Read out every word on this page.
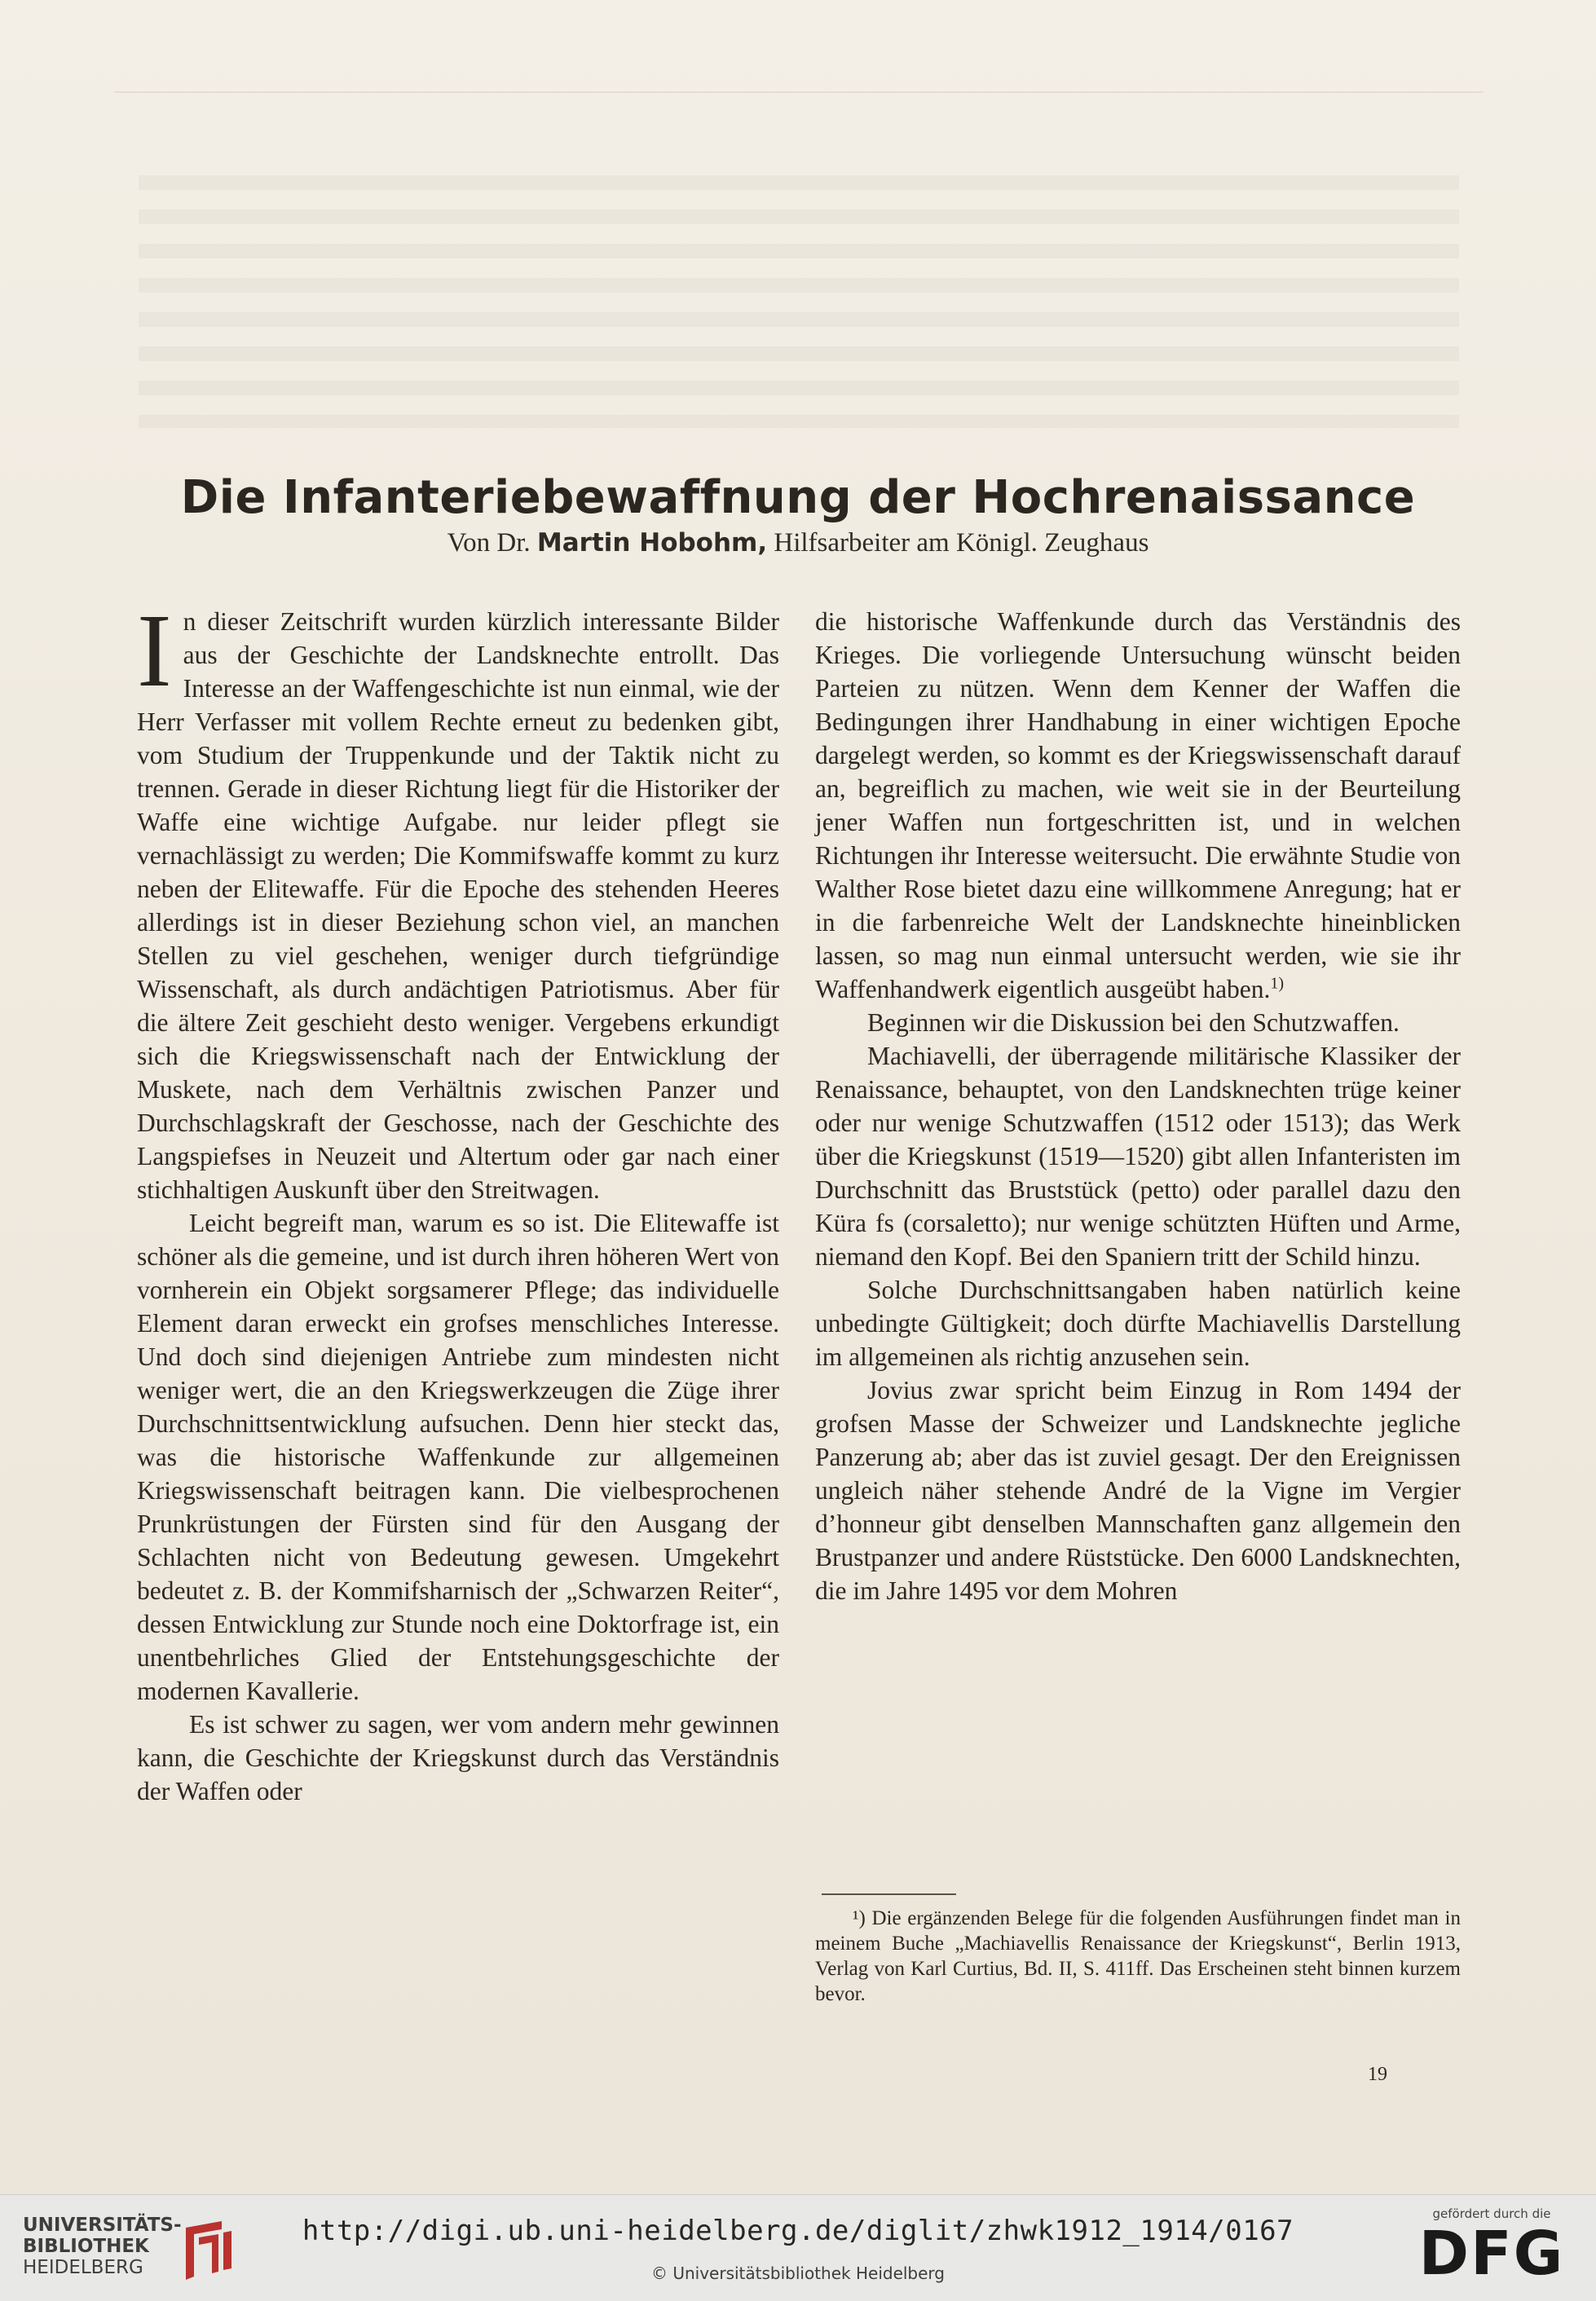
Die Infanteriebewaffnung der Hochrenaissance
Von Dr. Martin Hobohm, Hilfsarbeiter am Königl. Zeughaus

In dieser Zeitschrift wurden kürzlich interessante Bilder aus der Geschichte der Landsknechte entrollt. Das Interesse an der Waffengeschichte ist nun einmal, wie der Herr Verfasser mit vollem Rechte erneut zu bedenken gibt, vom Studium der Truppenkunde und der Taktik nicht zu trennen. Gerade in dieser Richtung liegt für die Historiker der Waffe eine wichtige Aufgabe. nur leider pflegt sie vernachlässigt zu werden; Die Kommifswaffe kommt zu kurz neben der Elitewaffe. Für die Epoche des stehenden Heeres allerdings ist in dieser Beziehung schon viel, an manchen Stellen zu viel geschehen, weniger durch tiefgründige Wissenschaft, als durch andächtigen Patriotismus. Aber für die ältere Zeit geschieht desto weniger. Vergebens erkundigt sich die Kriegswissenschaft nach der Entwicklung der Muskete, nach dem Verhältnis zwischen Panzer und Durchschlagskraft der Geschosse, nach der Geschichte des Langspiefses in Neuzeit und Altertum oder gar nach einer stichhaltigen Auskunft über den Streitwagen.

Leicht begreift man, warum es so ist. Die Elitewaffe ist schöner als die gemeine, und ist durch ihren höheren Wert von vornherein ein Objekt sorgsamerer Pflege; das individuelle Element daran erweckt ein grofses menschliches Interesse. Und doch sind diejenigen Antriebe zum mindesten nicht weniger wert, die an den Kriegswerkzeugen die Züge ihrer Durchschnittsentwicklung aufsuchen. Denn hier steckt das, was die historische Waffenkunde zur allgemeinen Kriegswissenschaft beitragen kann. Die vielbesprochenen Prunkrüstungen der Fürsten sind für den Ausgang der Schlachten nicht von Bedeutung gewesen. Umgekehrt bedeutet z. B. der Kommifsharnisch der „Schwarzen Reiter“, dessen Entwicklung zur Stunde noch eine Doktorfrage ist, ein unentbehrliches Glied der Entstehungsgeschichte der modernen Kavallerie.

Es ist schwer zu sagen, wer vom andern mehr gewinnen kann, die Geschichte der Kriegskunst durch das Verständnis der Waffen oder

die historische Waffenkunde durch das Verständnis des Krieges. Die vorliegende Untersuchung wünscht beiden Parteien zu nützen. Wenn dem Kenner der Waffen die Bedingungen ihrer Handhabung in einer wichtigen Epoche dargelegt werden, so kommt es der Kriegswissenschaft darauf an, begreiflich zu machen, wie weit sie in der Beurteilung jener Waffen nun fortgeschritten ist, und in welchen Richtungen ihr Interesse weitersucht. Die erwähnte Studie von Walther Rose bietet dazu eine willkommene Anregung; hat er in die farbenreiche Welt der Landsknechte hineinblicken lassen, so mag nun einmal untersucht werden, wie sie ihr Waffenhandwerk eigentlich ausgeübt haben.$^{1)}$

Beginnen wir die Diskussion bei den Schutzwaffen.

Machiavelli, der überragende militärische Klassiker der Renaissance, behauptet, von den Landsknechten trüge keiner oder nur wenige Schutzwaffen (1512 oder 1513); das Werk über die Kriegskunst (1519—1520) gibt allen Infanteristen im Durchschnitt das Bruststück (petto) oder parallel dazu den Küra fs (corsaletto); nur wenige schützten Hüften und Arme, niemand den Kopf. Bei den Spaniern tritt der Schild hinzu.

Solche Durchschnittsangaben haben natürlich keine unbedingte Gültigkeit; doch dürfte Machiavellis Darstellung im allgemeinen als richtig anzusehen sein.

Jovius zwar spricht beim Einzug in Rom 1494 der grofsen Masse der Schweizer und Landsknechte jegliche Panzerung ab; aber das ist zuviel gesagt. Der den Ereignissen ungleich näher stehende André de la Vigne im Vergier d’honneur gibt denselben Mannschaften ganz allgemein den Brustpanzer und andere Rüststücke. Den 6000 Landsknechten, die im Jahre 1495 vor dem Mohren

¹) Die ergänzenden Belege für die folgenden Ausführungen findet man in meinem Buche „Machiavellis Renaissance der Kriegskunst“, Berlin 1913, Verlag von Karl Curtius, Bd. II, S. 411ff. Das Erscheinen steht binnen kurzem bevor.

19
UNIVERSITÄTS-
BIBLIOTHEK
HEIDELBERG
http://digi.ub.uni-heidelberg.de/diglit/zhwk1912_1914/0167
© Universitätsbibliothek Heidelberg
gefördert durch die
DFG
